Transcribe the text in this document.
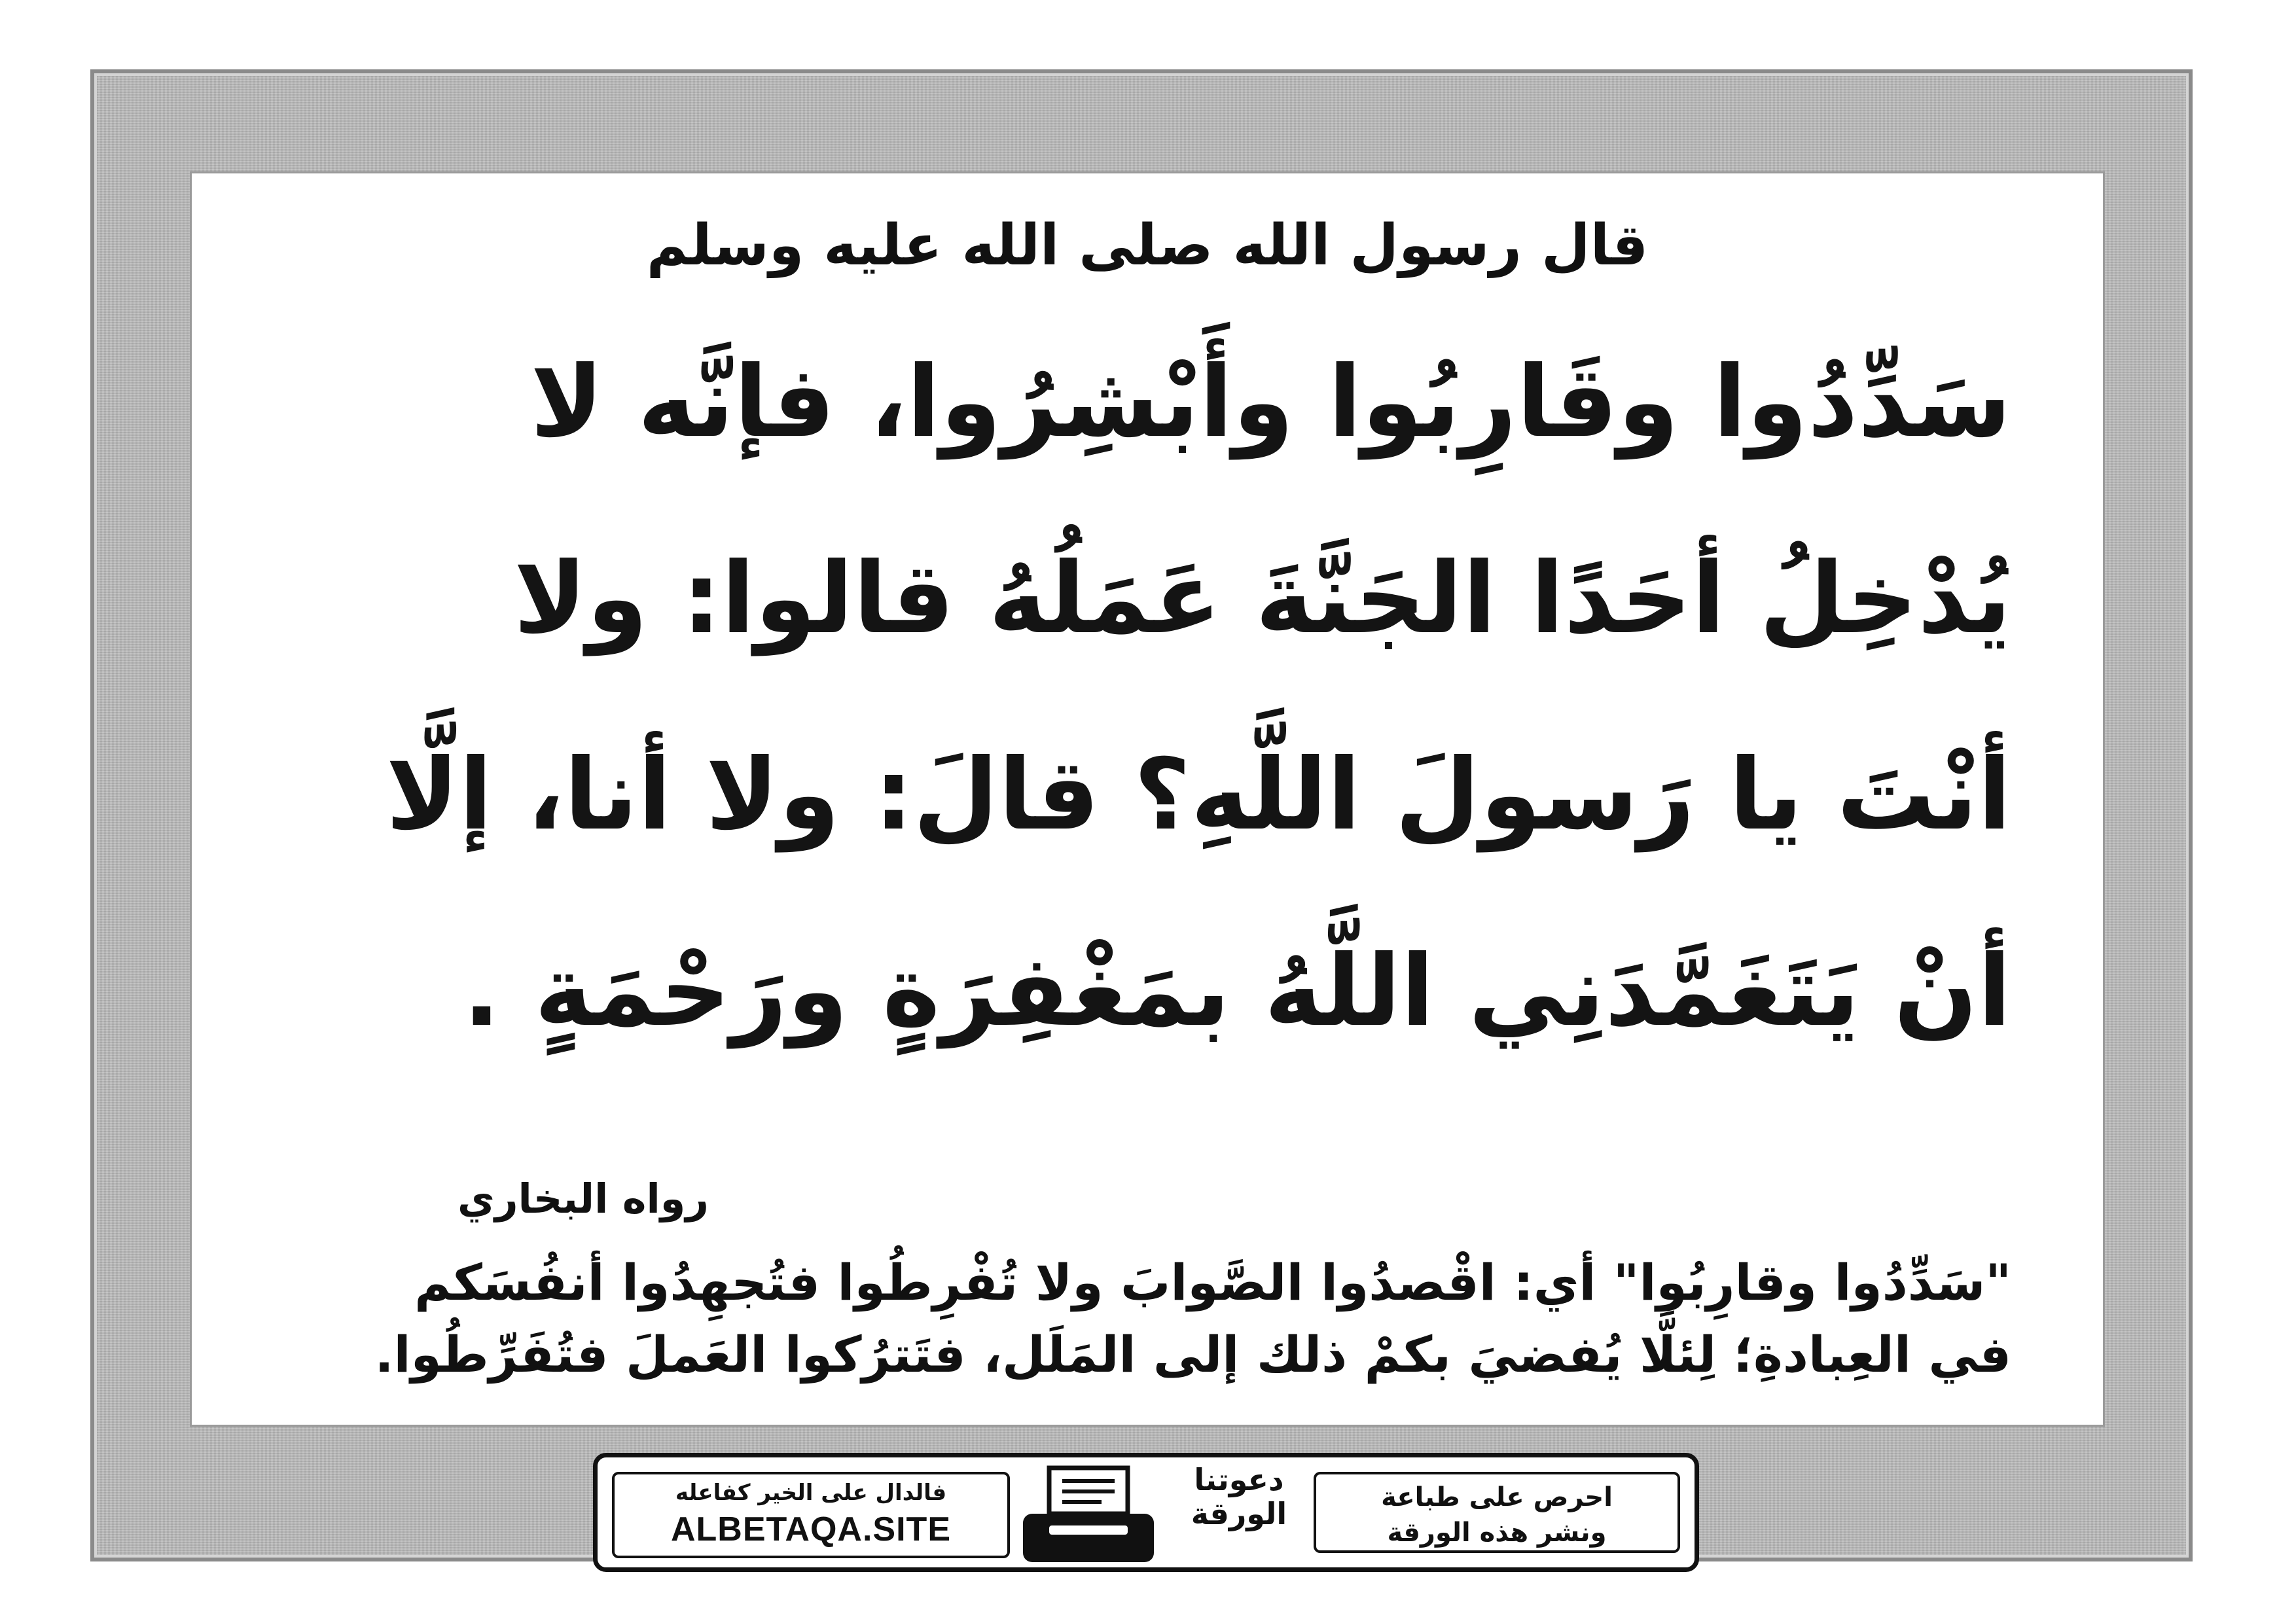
قال رسول الله صلى الله عليه وسلم
سَدِّدُوا وقَارِبُوا وأَبْشِرُوا، فإنَّه لا
يُدْخِلُ أحَدًا الجَنَّةَ عَمَلُهُ قالوا: ولا
أنْتَ يا رَسولَ اللَّهِ؟ قالَ: ولا أنا، إلَّا
أنْ يَتَغَمَّدَنِي اللَّهُ بمَغْفِرَةٍ ورَحْمَةٍ .
رواه البخاري
"سَدِّدُوا وقارِبُوا" أي: اقْصدُوا الصَّوابَ ولا تُفْرِطُوا فتُجهِدُوا أنفُسَكم
في العِبادةِ؛ لِئلَّا يُفضيَ بكمْ ذلك إلى المَلَل، فتَترُكوا العَملَ فتُفَرِّطُوا.
فالدال على الخير كفاعله
ALBETAQA.SITE
دعوتنا
الورقة	احرص على طباعة
ونشر هذه الورقة
